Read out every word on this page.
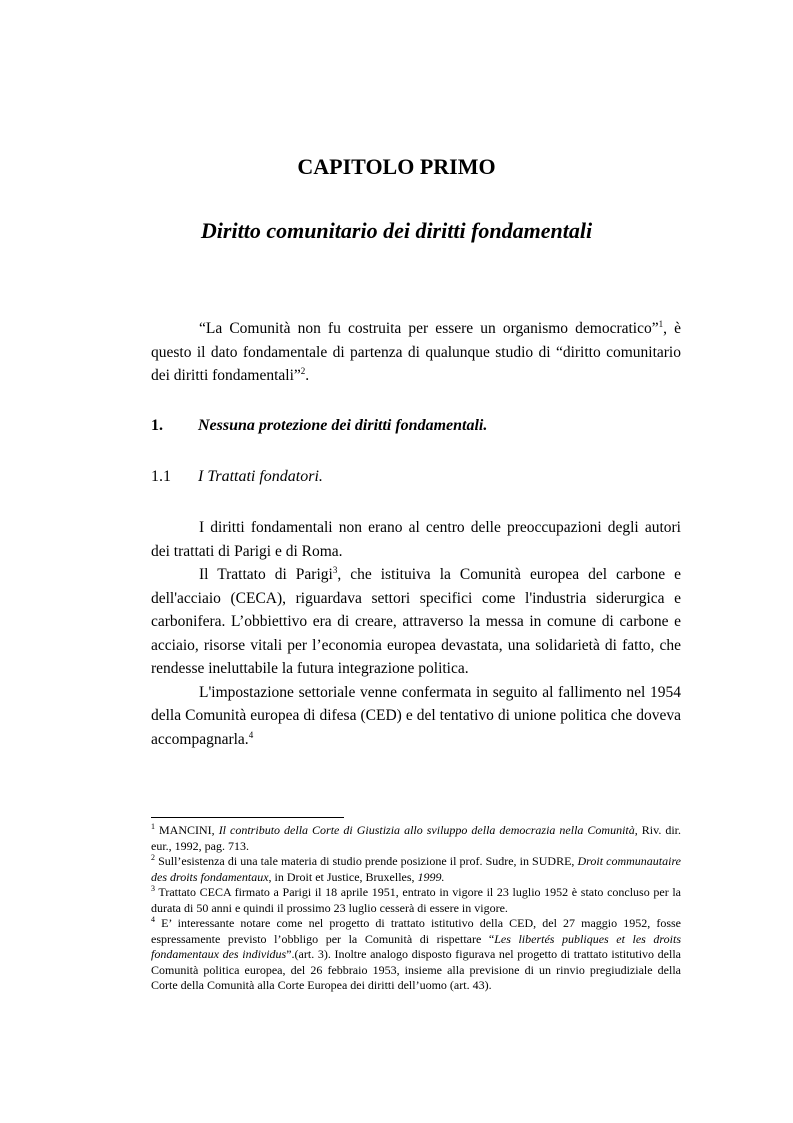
CAPITOLO PRIMO
Diritto comunitario dei diritti fondamentali

“La Comunità non fu costruita per essere un organismo democratico”$^1$, è questo il dato fondamentale di partenza di qualunque studio di “diritto comunitario dei diritti fondamentali”$^2$.

1. Nessuna protezione dei diritti fondamentali.
1.1 I Trattati fondatori.

I diritti fondamentali non erano al centro delle preoccupazioni degli autori dei trattati di Parigi e di Roma.

Il Trattato di Parigi$^3$, che istituiva la Comunità europea del carbone e dell'acciaio (CECA), riguardava settori specifici come l'industria siderurgica e carbonifera. L’obbiettivo era di creare, attraverso la messa in comune di carbone e acciaio, risorse vitali per l’economia europea devastata, una solidarietà di fatto, che rendesse ineluttabile la futura integrazione politica.

L'impostazione settoriale venne confermata in seguito al fallimento nel 1954 della Comunità europea di difesa (CED) e del tentativo di unione politica che doveva accompagnarla.$^4$

$^1$ MANCINI, Il contributo della Corte di Giustizia allo sviluppo della democrazia nella Comunità, Riv. dir. eur., 1992, pag. 713.

$^2$ Sull’esistenza di una tale materia di studio prende posizione il prof. Sudre, in SUDRE, Droit communautaire des droits fondamentaux, in Droit et Justice, Bruxelles, 1999.

$^3$ Trattato CECA firmato a Parigi il 18 aprile 1951, entrato in vigore il 23 luglio 1952 è stato concluso per la durata di 50 anni e quindi il prossimo 23 luglio cesserà di essere in vigore.

$^4$ E’ interessante notare come nel progetto di trattato istitutivo della CED, del 27 maggio 1952, fosse espressamente previsto l’obbligo per la Comunità di rispettare “Les libertés publiques et les droits fondamentaux des individus”.(art. 3). Inoltre analogo disposto figurava nel progetto di trattato istitutivo della Comunità politica europea, del 26 febbraio 1953, insieme alla previsione di un rinvio pregiudiziale della Corte della Comunità alla Corte Europea dei diritti dell’uomo (art. 43).
